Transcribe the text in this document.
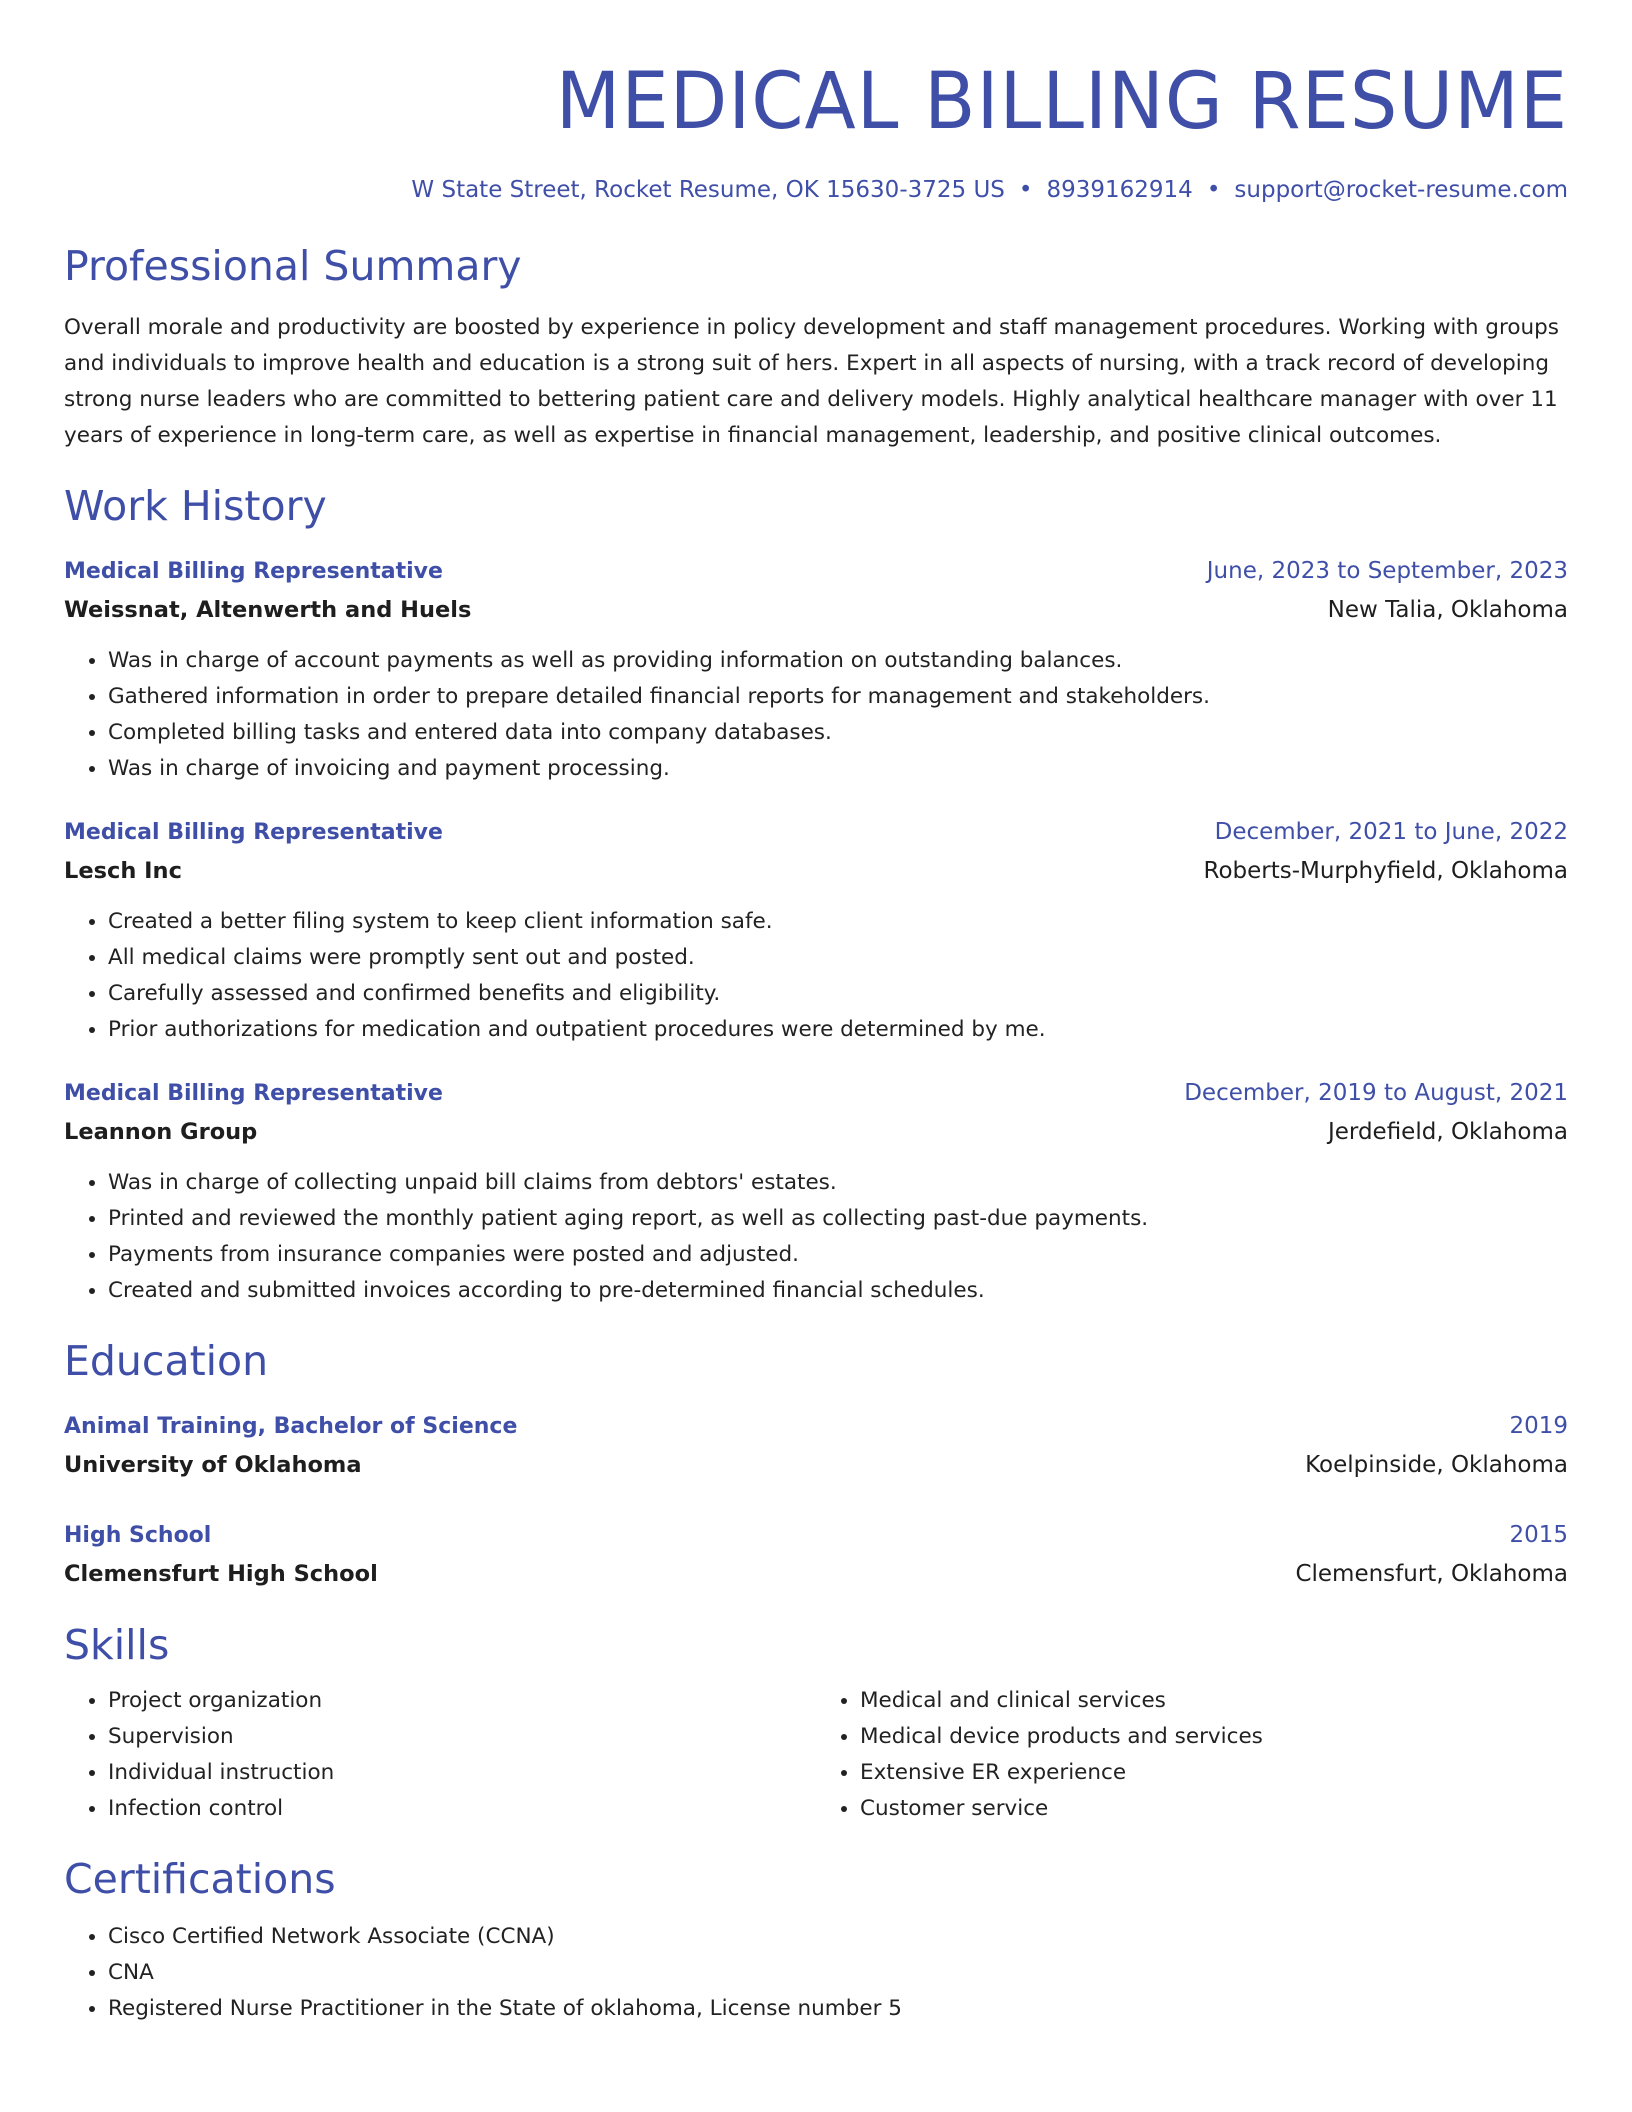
MEDICAL BILLING RESUME
W State Street, Rocket Resume, OK 15630-3725 US • 8939162914 • support@rocket-resume.com
Professional Summary

Overall morale and productivity are boosted by experience in policy development and staff management procedures. Working with groups and individuals to improve health and education is a strong suit of hers. Expert in all aspects of nursing, with a track record of developing strong nurse leaders who are committed to bettering patient care and delivery models. Highly analytical healthcare manager with over 11 years of experience in long-term care, as well as expertise in financial management, leadership, and positive clinical outcomes.

Work History
Medical Billing Representative	June, 2023 to September, 2023
Weissnat, Altenwerth and Huels	New Talia, Oklahoma
• Was in charge of account payments as well as providing information on outstanding balances.
• Gathered information in order to prepare detailed financial reports for management and stakeholders.
• Completed billing tasks and entered data into company databases.
• Was in charge of invoicing and payment processing.
Medical Billing Representative	December, 2021 to June, 2022
Lesch Inc	Roberts-Murphyfield, Oklahoma
• Created a better filing system to keep client information safe.
• All medical claims were promptly sent out and posted.
• Carefully assessed and confirmed benefits and eligibility.
• Prior authorizations for medication and outpatient procedures were determined by me.
Medical Billing Representative	December, 2019 to August, 2021
Leannon Group	Jerdefield, Oklahoma
• Was in charge of collecting unpaid bill claims from debtors' estates.
• Printed and reviewed the monthly patient aging report, as well as collecting past-due payments.
• Payments from insurance companies were posted and adjusted.
• Created and submitted invoices according to pre-determined financial schedules.
Education
Animal Training, Bachelor of Science	2019
University of Oklahoma	Koelpinside, Oklahoma
High School	2015
Clemensfurt High School	Clemensfurt, Oklahoma
Skills
• Project organization
• Supervision
• Individual instruction
• Infection control
• Medical and clinical services
• Medical device products and services
• Extensive ER experience
• Customer service
Certifications
• Cisco Certified Network Associate (CCNA)
• CNA
• Registered Nurse Practitioner in the State of oklahoma, License number 5
